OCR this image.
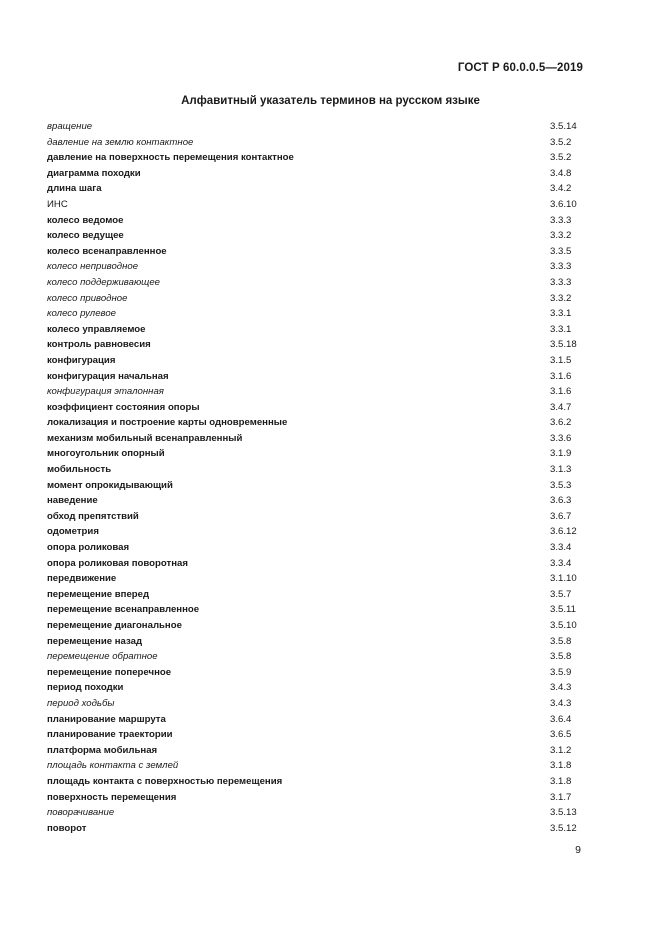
ГОСТ Р 60.0.0.5—2019
Алфавитный указатель терминов на русском языке
вращение	3.5.14
давление на землю контактное	3.5.2
давление на поверхность перемещения контактное	3.5.2
диаграмма походки	3.4.8
длина шага	3.4.2
ИНС	3.6.10
колесо ведомое	3.3.3
колесо ведущее	3.3.2
колесо всенаправленное	3.3.5
колесо неприводное	3.3.3
колесо поддерживающее	3.3.3
колесо приводное	3.3.2
колесо рулевое	3.3.1
колесо управляемое	3.3.1
контроль равновесия	3.5.18
конфигурация	3.1.5
конфигурация начальная	3.1.6
конфигурация эталонная	3.1.6
коэффициент состояния опоры	3.4.7
локализация и построение карты одновременные	3.6.2
механизм мобильный всенаправленный	3.3.6
многоугольник опорный	3.1.9
мобильность	3.1.3
момент опрокидывающий	3.5.3
наведение	3.6.3
обход препятствий	3.6.7
одометрия	3.6.12
опора роликовая	3.3.4
опора роликовая поворотная	3.3.4
передвижение	3.1.10
перемещение вперед	3.5.7
перемещение всенаправленное	3.5.11
перемещение диагональное	3.5.10
перемещение назад	3.5.8
перемещение обратное	3.5.8
перемещение поперечное	3.5.9
период походки	3.4.3
период ходьбы	3.4.3
планирование маршрута	3.6.4
планирование траектории	3.6.5
платформа мобильная	3.1.2
площадь контакта с землей	3.1.8
площадь контакта с поверхностью перемещения	3.1.8
поверхность перемещения	3.1.7
поворачивание	3.5.13
поворот	3.5.12
9
